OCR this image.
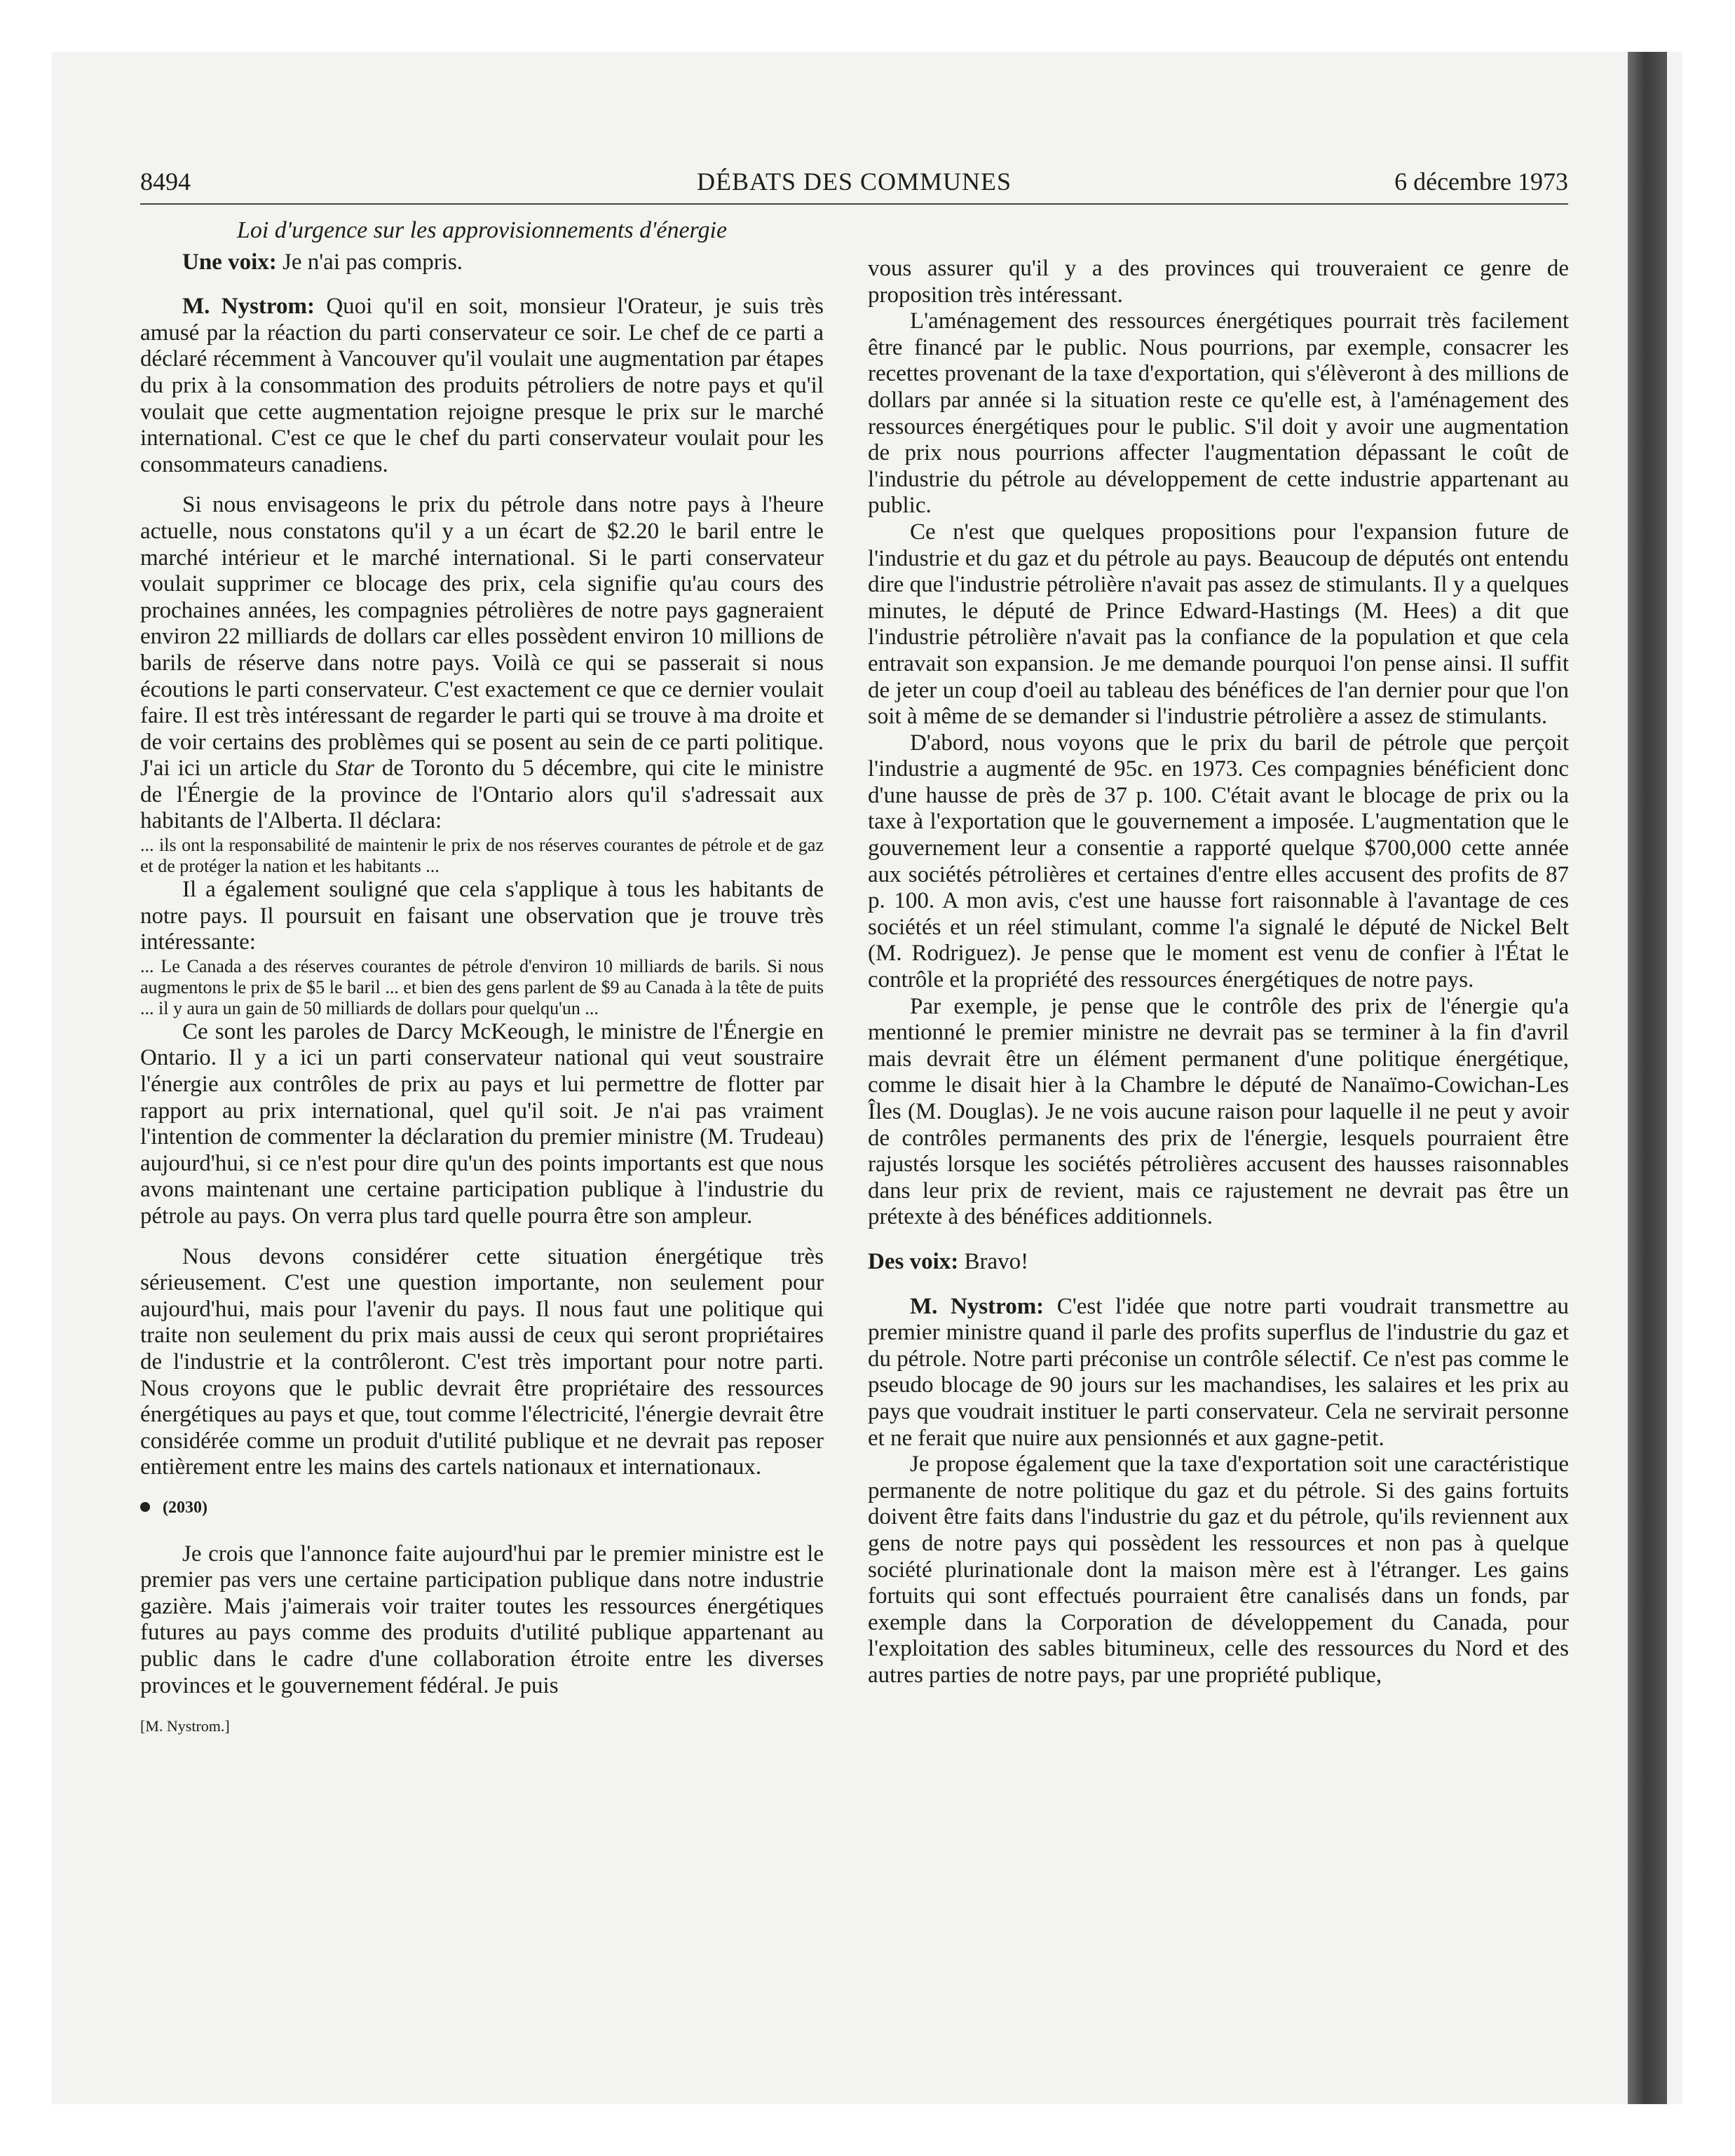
8494	DÉBATS DES COMMUNES	6 décembre 1973
Loi d'urgence sur les approvisionnements d'énergie

Une voix: Je n'ai pas compris.

M. Nystrom: Quoi qu'il en soit, monsieur l'Orateur, je suis très amusé par la réaction du parti conservateur ce soir. Le chef de ce parti a déclaré récemment à Vancouver qu'il voulait une augmentation par étapes du prix à la consommation des produits pétroliers de notre pays et qu'il voulait que cette augmentation rejoigne presque le prix sur le marché international. C'est ce que le chef du parti conservateur voulait pour les consommateurs canadiens.

Si nous envisageons le prix du pétrole dans notre pays à l'heure actuelle, nous constatons qu'il y a un écart de $2.20 le baril entre le marché intérieur et le marché international. Si le parti conservateur voulait supprimer ce blocage des prix, cela signifie qu'au cours des prochaines années, les compagnies pétrolières de notre pays gagneraient environ 22 milliards de dollars car elles possèdent environ 10 millions de barils de réserve dans notre pays. Voilà ce qui se passerait si nous écoutions le parti conservateur. C'est exactement ce que ce dernier voulait faire. Il est très intéressant de regarder le parti qui se trouve à ma droite et de voir certains des problèmes qui se posent au sein de ce parti politique. J'ai ici un article du Star de Toronto du 5 décembre, qui cite le ministre de l'Énergie de la province de l'Ontario alors qu'il s'adressait aux habitants de l'Alberta. Il déclara:

... ils ont la responsabilité de maintenir le prix de nos réserves courantes de pétrole et de gaz et de protéger la nation et les habitants ...

Il a également souligné que cela s'applique à tous les habitants de notre pays. Il poursuit en faisant une observation que je trouve très intéressante:

... Le Canada a des réserves courantes de pétrole d'environ 10 milliards de barils. Si nous augmentons le prix de $5 le baril ... et bien des gens parlent de $9 au Canada à la tête de puits ... il y aura un gain de 50 milliards de dollars pour quelqu'un ...

Ce sont les paroles de Darcy McKeough, le ministre de l'Énergie en Ontario. Il y a ici un parti conservateur national qui veut soustraire l'énergie aux contrôles de prix au pays et lui permettre de flotter par rapport au prix international, quel qu'il soit. Je n'ai pas vraiment l'intention de commenter la déclaration du premier ministre (M. Trudeau) aujourd'hui, si ce n'est pour dire qu'un des points importants est que nous avons maintenant une certaine participation publique à l'industrie du pétrole au pays. On verra plus tard quelle pourra être son ampleur.

Nous devons considérer cette situation énergétique très sérieusement. C'est une question importante, non seulement pour aujourd'hui, mais pour l'avenir du pays. Il nous faut une politique qui traite non seulement du prix mais aussi de ceux qui seront propriétaires de l'industrie et la contrôleront. C'est très important pour notre parti. Nous croyons que le public devrait être propriétaire des ressources énergétiques au pays et que, tout comme l'électricité, l'énergie devrait être considérée comme un produit d'utilité publique et ne devrait pas reposer entièrement entre les mains des cartels nationaux et internationaux.

(2030)

Je crois que l'annonce faite aujourd'hui par le premier ministre est le premier pas vers une certaine participation publique dans notre industrie gazière. Mais j'aimerais voir traiter toutes les ressources énergétiques futures au pays comme des produits d'utilité publique appartenant au public dans le cadre d'une collaboration étroite entre les diverses provinces et le gouvernement fédéral. Je puis

[M. Nystrom.]

vous assurer qu'il y a des provinces qui trouveraient ce genre de proposition très intéressant.

L'aménagement des ressources énergétiques pourrait très facilement être financé par le public. Nous pourrions, par exemple, consacrer les recettes provenant de la taxe d'exportation, qui s'élèveront à des millions de dollars par année si la situation reste ce qu'elle est, à l'aménagement des ressources énergétiques pour le public. S'il doit y avoir une augmentation de prix nous pourrions affecter l'augmentation dépassant le coût de l'industrie du pétrole au développement de cette industrie appartenant au public.

Ce n'est que quelques propositions pour l'expansion future de l'industrie et du gaz et du pétrole au pays. Beaucoup de députés ont entendu dire que l'industrie pétrolière n'avait pas assez de stimulants. Il y a quelques minutes, le député de Prince Edward-Hastings (M. Hees) a dit que l'industrie pétrolière n'avait pas la confiance de la population et que cela entravait son expansion. Je me demande pourquoi l'on pense ainsi. Il suffit de jeter un coup d'oeil au tableau des bénéfices de l'an dernier pour que l'on soit à même de se demander si l'industrie pétrolière a assez de stimulants.

D'abord, nous voyons que le prix du baril de pétrole que perçoit l'industrie a augmenté de 95c. en 1973. Ces compagnies bénéficient donc d'une hausse de près de 37 p. 100. C'était avant le blocage de prix ou la taxe à l'exportation que le gouvernement a imposée. L'augmentation que le gouvernement leur a consentie a rapporté quelque $700,000 cette année aux sociétés pétrolières et certaines d'entre elles accusent des profits de 87 p. 100. A mon avis, c'est une hausse fort raisonnable à l'avantage de ces sociétés et un réel stimulant, comme l'a signalé le député de Nickel Belt (M. Rodriguez). Je pense que le moment est venu de confier à l'État le contrôle et la propriété des ressources énergétiques de notre pays.

Par exemple, je pense que le contrôle des prix de l'énergie qu'a mentionné le premier ministre ne devrait pas se terminer à la fin d'avril mais devrait être un élément permanent d'une politique énergétique, comme le disait hier à la Chambre le député de Nanaïmo-Cowichan-Les Îles (M. Douglas). Je ne vois aucune raison pour laquelle il ne peut y avoir de contrôles permanents des prix de l'énergie, lesquels pourraient être rajustés lorsque les sociétés pétrolières accusent des hausses raisonnables dans leur prix de revient, mais ce rajustement ne devrait pas être un prétexte à des bénéfices additionnels.

Des voix: Bravo!

M. Nystrom: C'est l'idée que notre parti voudrait transmettre au premier ministre quand il parle des profits superflus de l'industrie du gaz et du pétrole. Notre parti préconise un contrôle sélectif. Ce n'est pas comme le pseudo blocage de 90 jours sur les machandises, les salaires et les prix au pays que voudrait instituer le parti conservateur. Cela ne servirait personne et ne ferait que nuire aux pensionnés et aux gagne-petit.

Je propose également que la taxe d'exportation soit une caractéristique permanente de notre politique du gaz et du pétrole. Si des gains fortuits doivent être faits dans l'industrie du gaz et du pétrole, qu'ils reviennent aux gens de notre pays qui possèdent les ressources et non pas à quelque société plurinationale dont la maison mère est à l'étranger. Les gains fortuits qui sont effectués pourraient être canalisés dans un fonds, par exemple dans la Corporation de développement du Canada, pour l'exploitation des sables bitumineux, celle des ressources du Nord et des autres parties de notre pays, par une propriété publique,
